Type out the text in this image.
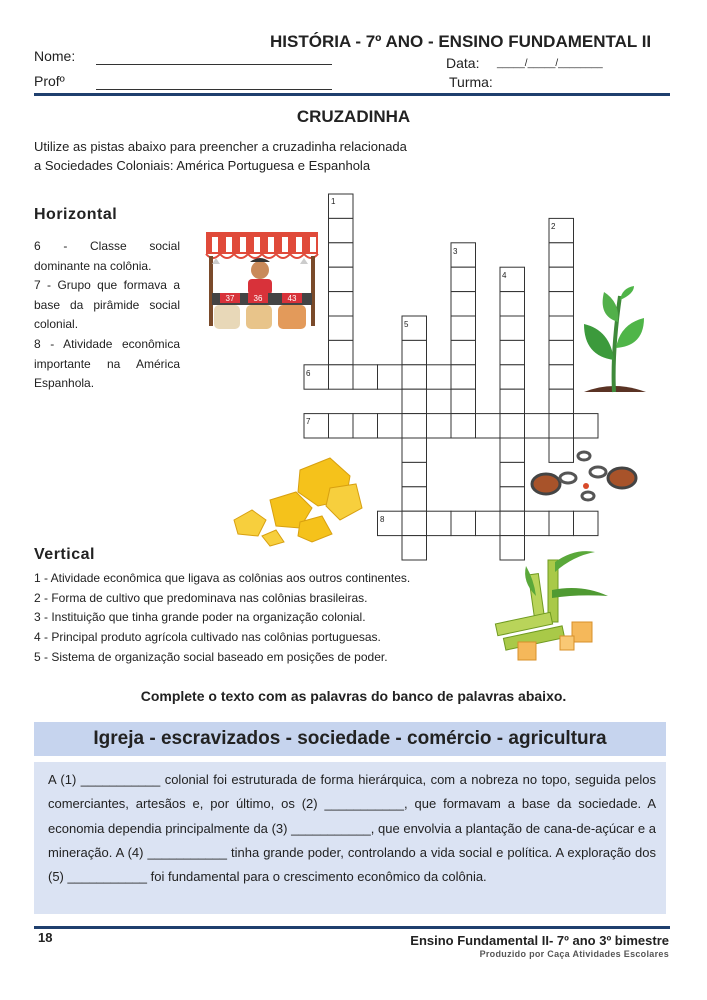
HISTÓRIA - 7º ANO - ENSINO FUNDAMENTAL II
Nome:	Data: _____/_____/________
Profº	Turma:
CRUZADINHA
Utilize as pistas abaixo para preencher a cruzadinha relacionada
a Sociedades Coloniais: América Portuguesa e Espanhola
Horizontal
6 - Classe social dominante na colônia.
7 - Grupo que formava a base da pirâmide social colonial.
8 - Atividade econômica importante na América Espanhola.
37 36	43
1
2
3
4
5
6
7
8
Vertical
1 - Atividade econômica que ligava as colônias aos outros continentes.
2 - Forma de cultivo que predominava nas colônias brasileiras.
3 - Instituição que tinha grande poder na organização colonial.
4 - Principal produto agrícola cultivado nas colônias portuguesas.
5 - Sistema de organização social baseado em posições de poder.
Complete o texto com as palavras do banco de palavras abaixo.
Igreja - escravizados - sociedade - comércio - agricultura
A (1) ___________ colonial foi estruturada de forma hierárquica, com a nobreza no topo, seguida pelos comerciantes, artesãos e, por último, os (2) ___________, que formavam a base da sociedade. A economia dependia principalmente da (3) ___________, que envolvia a plantação de cana-de-açúcar e a mineração. A (4) ___________ tinha grande poder, controlando a vida social e política. A exploração dos (5) ___________ foi fundamental para o crescimento econômico da colônia.
18	Ensino Fundamental II- 7º ano 3º bimestre
Produzido por Caça Atividades Escolares
